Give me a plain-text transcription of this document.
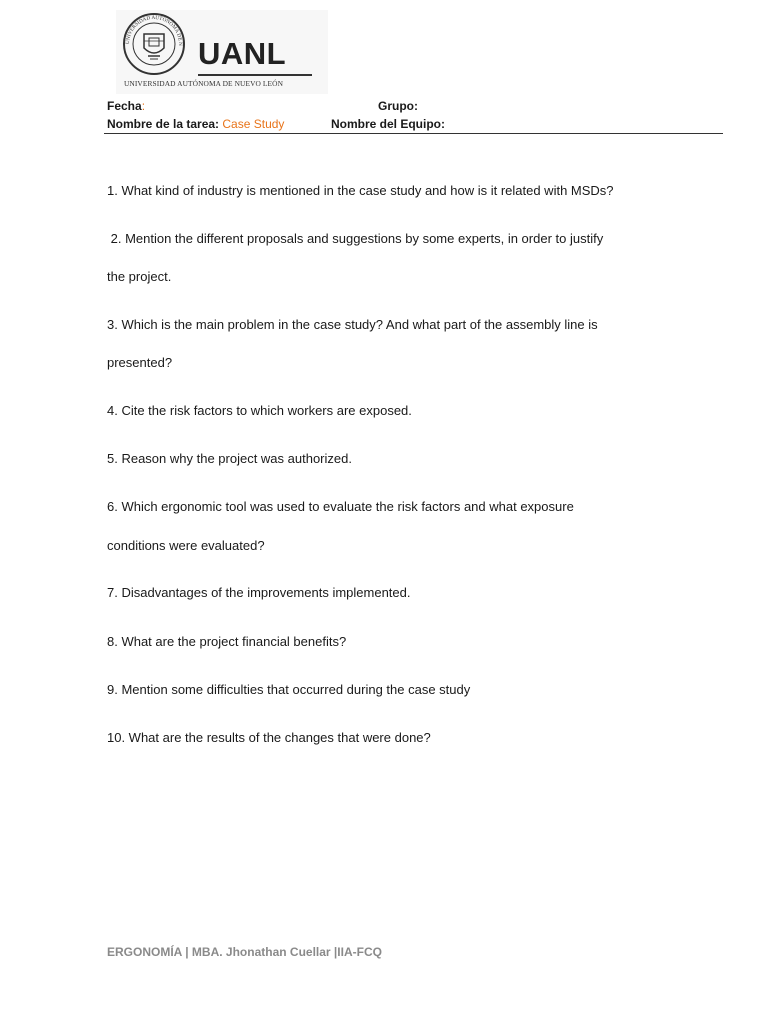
UNIVERSIDAD AUTÓNOMA DE N UANL
UNIVERSIDAD AUTÓNOMA DE NUEVO LEÓN
Fecha:	Grupo:
Nombre de la tarea: Case Study	Nombre del Equipo:
1. What kind of industry is mentioned in the case study and how is it related with MSDs?
2. Mention the different proposals and suggestions by some experts, in order to justify
the project.
3. Which is the main problem in the case study? And what part of the assembly line is
presented?
4. Cite the risk factors to which workers are exposed.
5. Reason why the project was authorized.
6. Which ergonomic tool was used to evaluate the risk factors and what exposure
conditions were evaluated?
7. Disadvantages of the improvements implemented.
8. What are the project financial benefits?
9. Mention some difficulties that occurred during the case study
10. What are the results of the changes that were done?
ERGONOMÍA | MBA. Jhonathan Cuellar |IIA-FCQ
